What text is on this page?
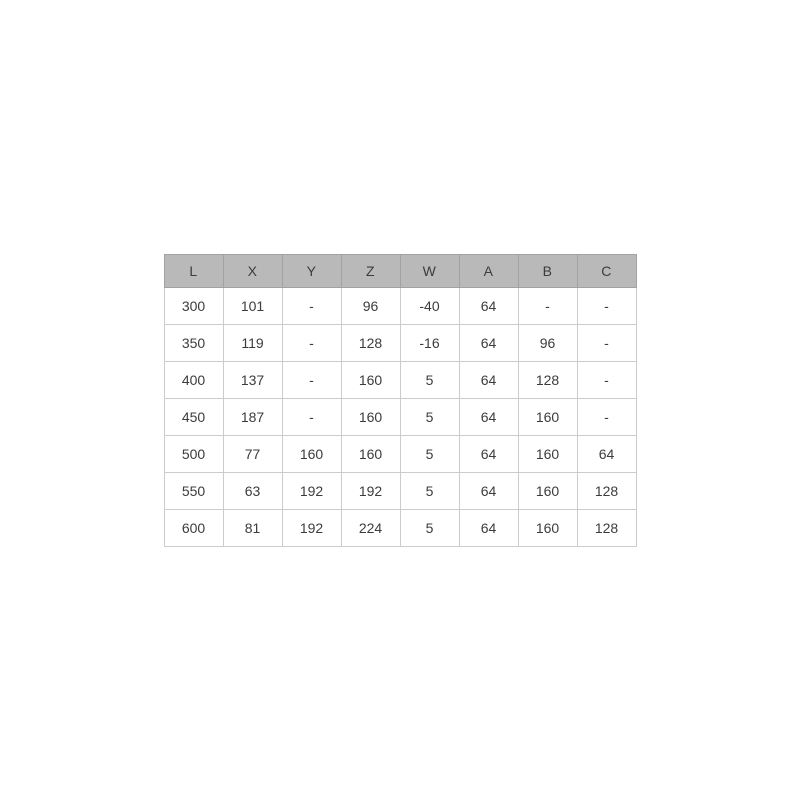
L	X	Y	Z	W	A	B	C
300	101	-	96	-40	64	-	-
350	119	-	128	-16	64	96	-
400	137	-	160	5	64	128	-
450	187	-	160	5	64	160	-
500	77	160	160	5	64	160	64
550	63	192	192	5	64	160	128
600	81	192	224	5	64	160	128
